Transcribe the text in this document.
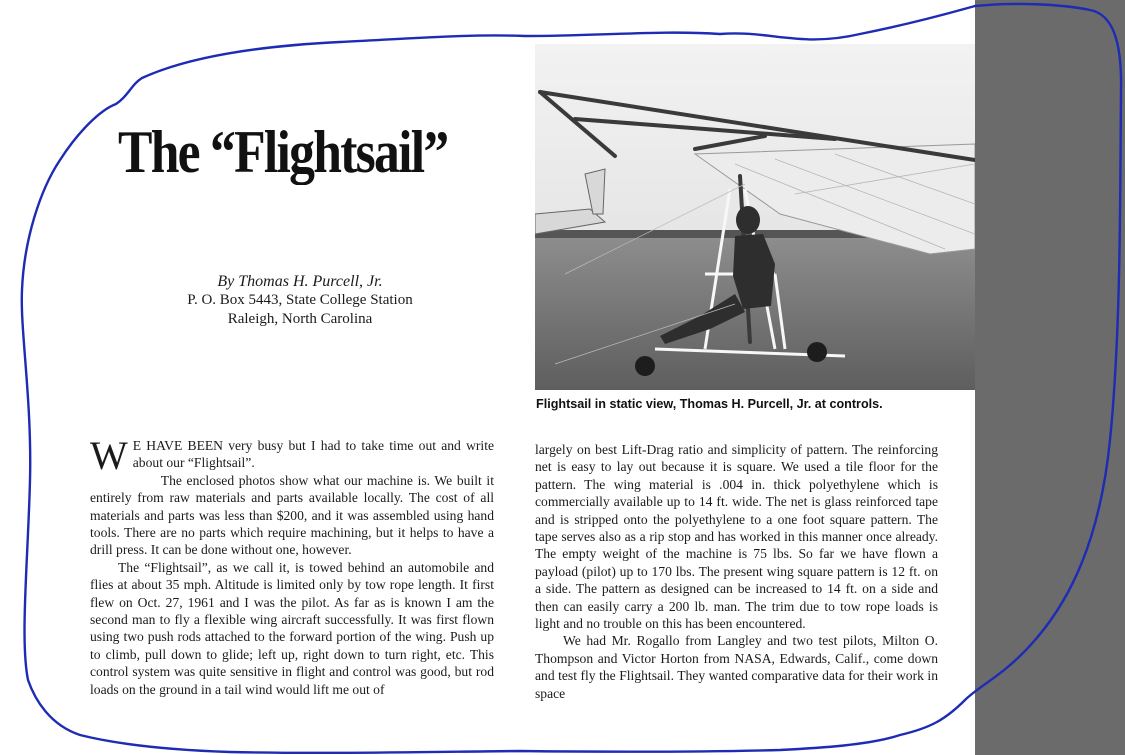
The “Flightsail”
By Thomas H. Purcell, Jr.
P. O. Box 5443, State College Station
Raleigh, North Carolina

Flightsail in static view, Thomas H. Purcell, Jr. at controls.

W E HAVE BEEN very busy but I had to take time out and write about our “Flightsail”.

The enclosed photos show what our machine is. We built it entirely from raw materials and parts available locally. The cost of all materials and parts was less than $200, and it was assembled using hand tools. There are no parts which require machining, but it helps to have a drill press. It can be done without one, however.

The “Flightsail”, as we call it, is towed behind an automobile and flies at about 35 mph. Altitude is limited only by tow rope length. It first flew on Oct. 27, 1961 and I was the pilot. As far as is known I am the second man to fly a flexible wing aircraft successfully. It was first flown using two push rods attached to the forward portion of the wing. Push up to climb, pull down to glide; left up, right down to turn right, etc. This control system was quite sensitive in flight and control was good, but rod loads on the ground in a tail wind would lift me out of

largely on best Lift-Drag ratio and simplicity of pattern. The reinforcing net is easy to lay out because it is square. We used a tile floor for the pattern. The wing material is .004 in. thick polyethylene which is commercially available up to 14 ft. wide. The net is glass reinforced tape and is stripped onto the polyethylene to a one foot square pattern. The tape serves also as a rip stop and has worked in this manner once already. The empty weight of the machine is 75 lbs. So far we have flown a payload (pilot) up to 170 lbs. The present wing square pattern is 12 ft. on a side. The pattern as designed can be increased to 14 ft. on a side and then can easily carry a 200 lb. man. The trim due to tow rope loads is light and no trouble on this has been encountered.

We had Mr. Rogallo from Langley and two test pilots, Milton O. Thompson and Victor Horton from NASA, Edwards, Calif., come down and test fly the Flightsail. They wanted comparative data for their work in space
